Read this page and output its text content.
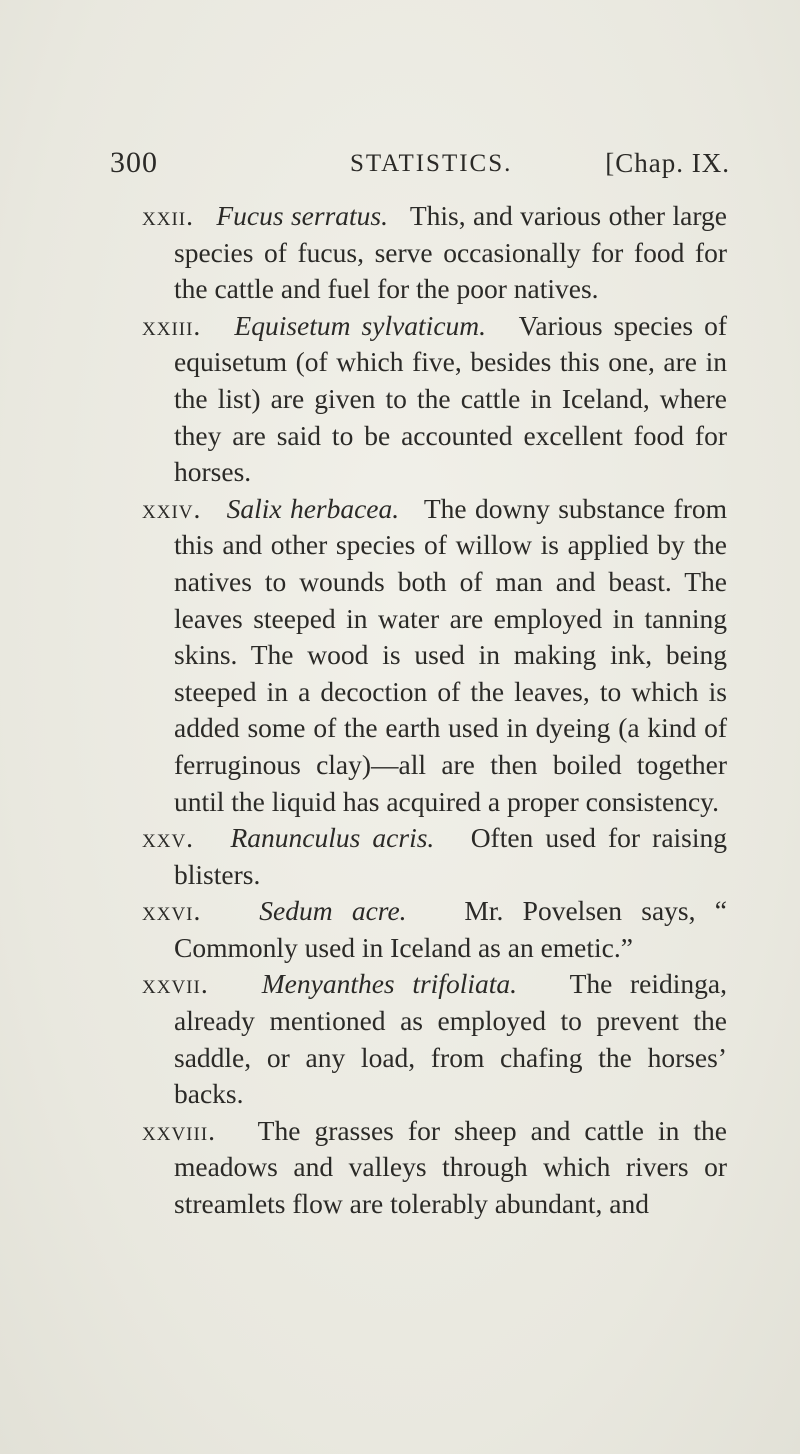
300	STATISTICS.	[Chap. IX.

xxii. Fucus serratus. This, and various other large species of fucus, serve occasionally for food for the cattle and fuel for the poor natives.

xxiii. Equisetum sylvaticum. Various species of equisetum (of which five, besides this one, are in the list) are given to the cattle in Iceland, where they are said to be accounted excellent food for horses.

xxiv. Salix herbacea. The downy substance from this and other species of willow is applied by the natives to wounds both of man and beast. The leaves steeped in water are employed in tanning skins. The wood is used in making ink, being steeped in a decoction of the leaves, to which is added some of the earth used in dyeing (a kind of ferruginous clay)—all are then boiled together until the liquid has acquired a proper consistency.

xxv. Ranunculus acris. Often used for raising blisters.

xxvi. Sedum acre. Mr. Povelsen says, “ Commonly used in Iceland as an emetic.”

xxvii. Menyanthes trifoliata. The reidinga, already mentioned as employed to prevent the saddle, or any load, from chafing the horses’ backs.

xxviii. The grasses for sheep and cattle in the meadows and valleys through which rivers or streamlets flow are tolerably abundant, and
